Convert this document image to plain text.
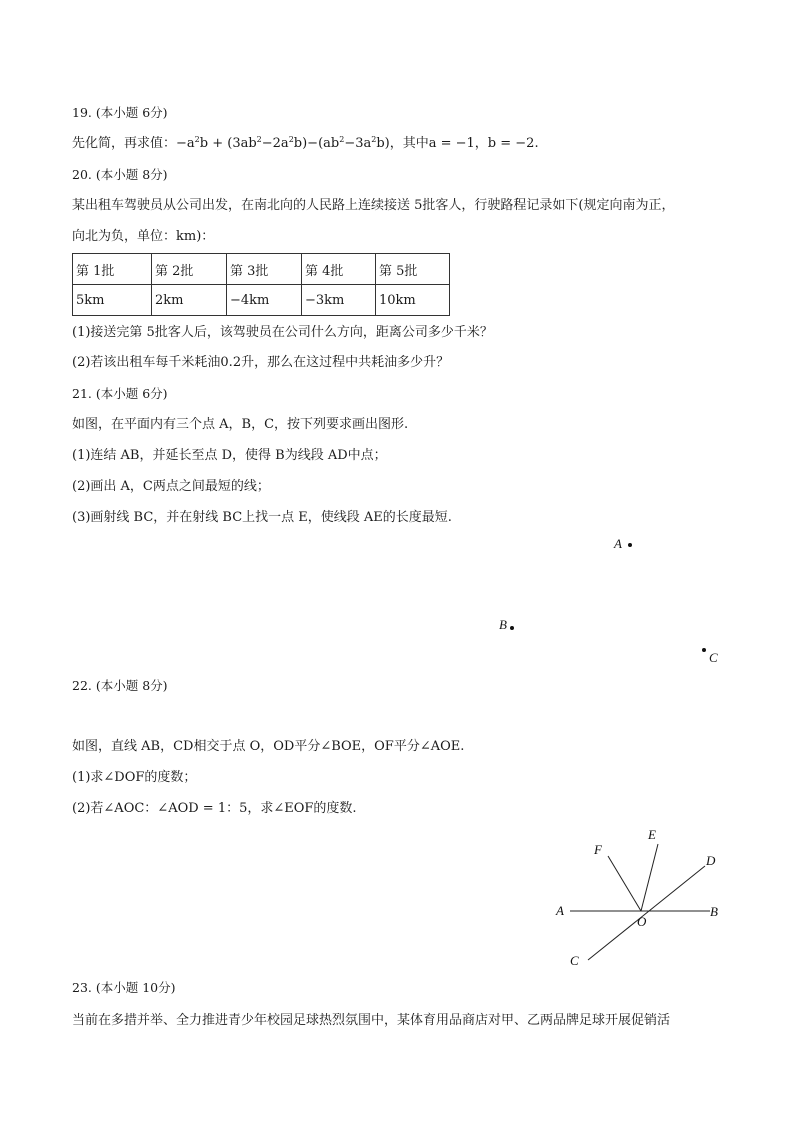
19. (本小题 6分)
先化简，再求值：$-a^2b + (3ab^2-2a^2b)-(ab^2-3a^2b)$，其中a = −1，b = −2.
20. (本小题 8分)
某出租车驾驶员从公司出发，在南北向的人民路上连续接送 5批客人，行驶路程记录如下(规定向南为正，
向北为负，单位：km)：
第 1批	第 2批	第 3批	第 4批	第 5批
5km	2km	−4km	−3km	10km
(1)接送完第 5批客人后，该驾驶员在公司什么方向，距离公司多少千米？
(2)若该出租车每千米耗油0.2升，那么在这过程中共耗油多少升？
21. (本小题 6分)
如图，在平面内有三个点 A，B，C，按下列要求画出图形.
(1)连结 AB，并延长至点 D，使得 B为线段 AD中点；
(2)画出 A，C两点之间最短的线；
(3)画射线 BC，并在射线 BC上找一点 E，使线段 AE的长度最短.
A
B
C
22. (本小题 8分)
如图，直线 AB，CD相交于点 O，OD平分∠BOE，OF平分∠AOE.
(1)求∠DOF的度数；
(2)若∠AOC：∠AOD = 1：5，求∠EOF的度数.
A	B
C
D
E
F
O
23. (本小题 10分)
当前在多措并举、全力推进青少年校园足球热烈氛围中，某体育用品商店对甲、乙两品牌足球开展促销活
